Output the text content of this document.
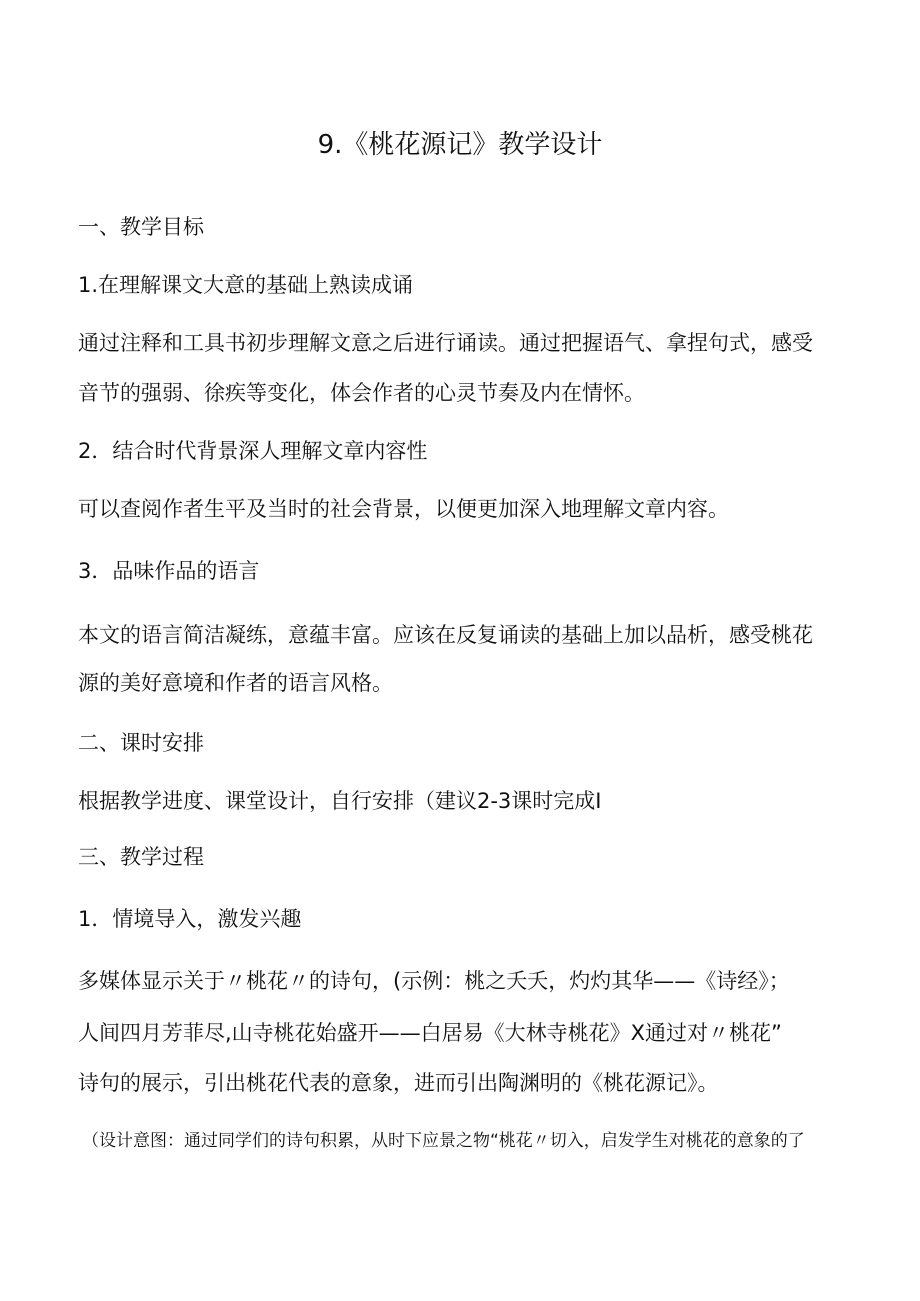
9.《桃花源记》教学设计
一、教学目标
1.在理解课文大意的基础上熟读成诵
通过注释和工具书初步理解文意之后进行诵读。通过把握语气、拿捏句式，感受
音节的强弱、徐疾等变化，体会作者的心灵节奏及内在情怀。
2．结合时代背景深人理解文章内容性
可以查阅作者生平及当时的社会背景，以便更加深入地理解文章内容。
3．品味作品的语言
本文的语言简洁凝练，意蕴丰富。应该在反复诵读的基础上加以品析，感受桃花
源的美好意境和作者的语言风格。
二、课时安排
根据教学进度、课堂设计，自行安排（建议2-3课时完成I
三、教学过程
1．情境导入，激发兴趣
多媒体显示关于〃桃花〃的诗句，(示例：桃之夭夭，灼灼其华——《诗经》；
人间四月芳菲尽,山寺桃花始盛开——白居易《大林寺桃花》X通过对〃桃花”
诗句的展示，引出桃花代表的意象，进而引出陶渊明的《桃花源记》。
（设计意图：通过同学们的诗句积累，从时下应景之物“桃花〃切入，启发学生对桃花的意象的了
